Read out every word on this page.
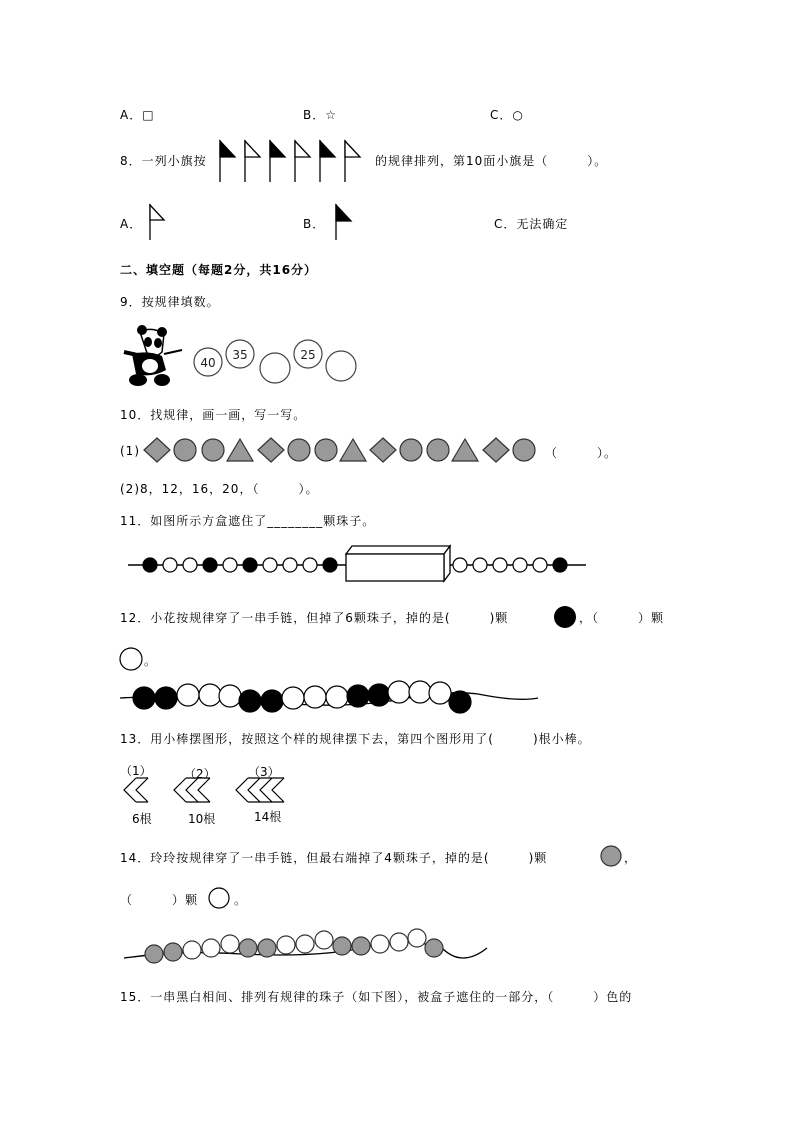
A．□	B．☆	C．○
8．一列小旗按	的规律排列，第10面小旗是（　　　）。
A．	B．	C．无法确定
二、填空题（每题2分，共16分）
9．按规律填数。
40
35	25
10．找规律，画一画，写一写。
(1)	（　　　）。
(2)8，12，16，20，（　　　）。
11．如图所示方盒遮住了________颗珠子。
12．小花按规律穿了一串手链，但掉了6颗珠子，掉的是(　　　)颗	，（　　　）颗
。
13．用小棒摆图形，按照这个样的规律摆下去，第四个图形用了(　　　)根小棒。
（1）	（2）	（3）
6根	10根	14根
14．玲玲按规律穿了一串手链，但最右端掉了4颗珠子，掉的是(　　　)颗	，
（　　　）颗	。
15．一串黑白相间、排列有规律的珠子（如下图），被盒子遮住的一部分，（　　　）色的
